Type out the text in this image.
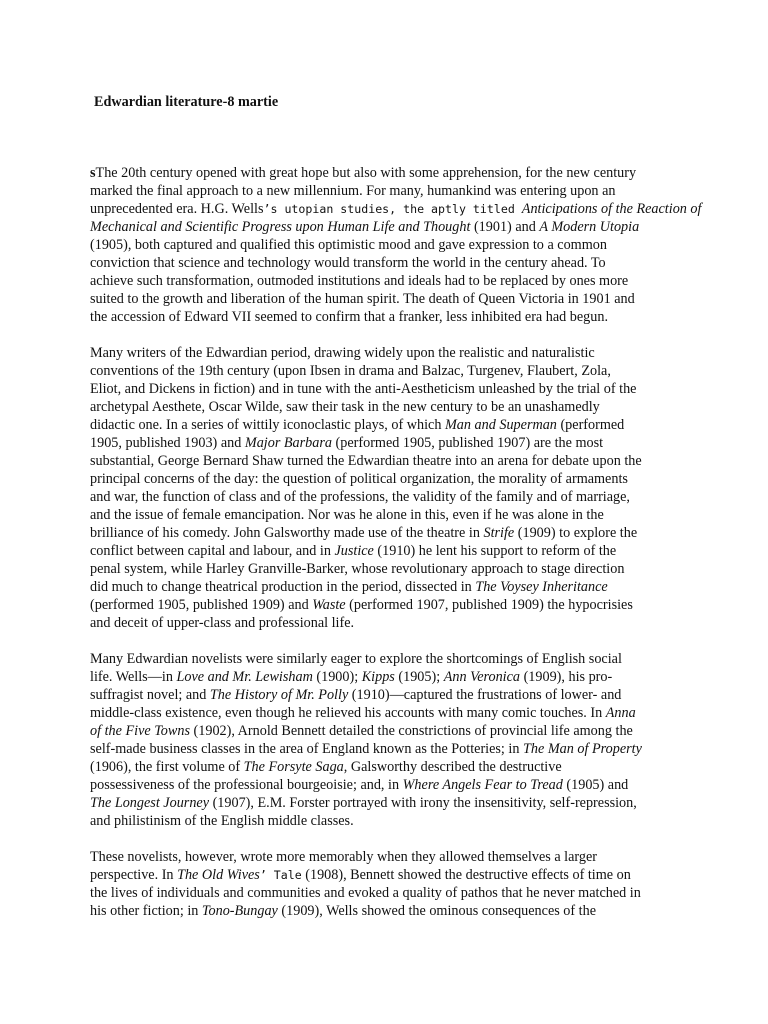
Edwardian literature-8 martie

sThe 20th century opened with great hope but also with some apprehension, for the new century
marked the final approach to a new millennium. For many, humankind was entering upon an
unprecedented era. H.G. Wells’s utopian studies, the aptly titled Anticipations of the Reaction of
Mechanical and Scientific Progress upon Human Life and Thought (1901) and A Modern Utopia
(1905), both captured and qualified this optimistic mood and gave expression to a common
conviction that science and technology would transform the world in the century ahead. To
achieve such transformation, outmoded institutions and ideals had to be replaced by ones more
suited to the growth and liberation of the human spirit. The death of Queen Victoria in 1901 and
the accession of Edward VII seemed to confirm that a franker, less inhibited era had begun.

Many writers of the Edwardian period, drawing widely upon the realistic and naturalistic
conventions of the 19th century (upon Ibsen in drama and Balzac, Turgenev, Flaubert, Zola,
Eliot, and Dickens in fiction) and in tune with the anti-Aestheticism unleashed by the trial of the
archetypal Aesthete, Oscar Wilde, saw their task in the new century to be an unashamedly
didactic one. In a series of wittily iconoclastic plays, of which Man and Superman (performed
1905, published 1903) and Major Barbara (performed 1905, published 1907) are the most
substantial, George Bernard Shaw turned the Edwardian theatre into an arena for debate upon the
principal concerns of the day: the question of political organization, the morality of armaments
and war, the function of class and of the professions, the validity of the family and of marriage,
and the issue of female emancipation. Nor was he alone in this, even if he was alone in the
brilliance of his comedy. John Galsworthy made use of the theatre in Strife (1909) to explore the
conflict between capital and labour, and in Justice (1910) he lent his support to reform of the
penal system, while Harley Granville-Barker, whose revolutionary approach to stage direction
did much to change theatrical production in the period, dissected in The Voysey Inheritance
(performed 1905, published 1909) and Waste (performed 1907, published 1909) the hypocrisies
and deceit of upper-class and professional life.

Many Edwardian novelists were similarly eager to explore the shortcomings of English social
life. Wells—in Love and Mr. Lewisham (1900); Kipps (1905); Ann Veronica (1909), his pro-
suffragist novel; and The History of Mr. Polly (1910)—captured the frustrations of lower- and
middle-class existence, even though he relieved his accounts with many comic touches. In Anna
of the Five Towns (1902), Arnold Bennett detailed the constrictions of provincial life among the
self-made business classes in the area of England known as the Potteries; in The Man of Property
(1906), the first volume of The Forsyte Saga, Galsworthy described the destructive
possessiveness of the professional bourgeoisie; and, in Where Angels Fear to Tread (1905) and
The Longest Journey (1907), E.M. Forster portrayed with irony the insensitivity, self-repression,
and philistinism of the English middle classes.

These novelists, however, wrote more memorably when they allowed themselves a larger
perspective. In The Old Wives’ Tale (1908), Bennett showed the destructive effects of time on
the lives of individuals and communities and evoked a quality of pathos that he never matched in
his other fiction; in Tono-Bungay (1909), Wells showed the ominous consequences of the
